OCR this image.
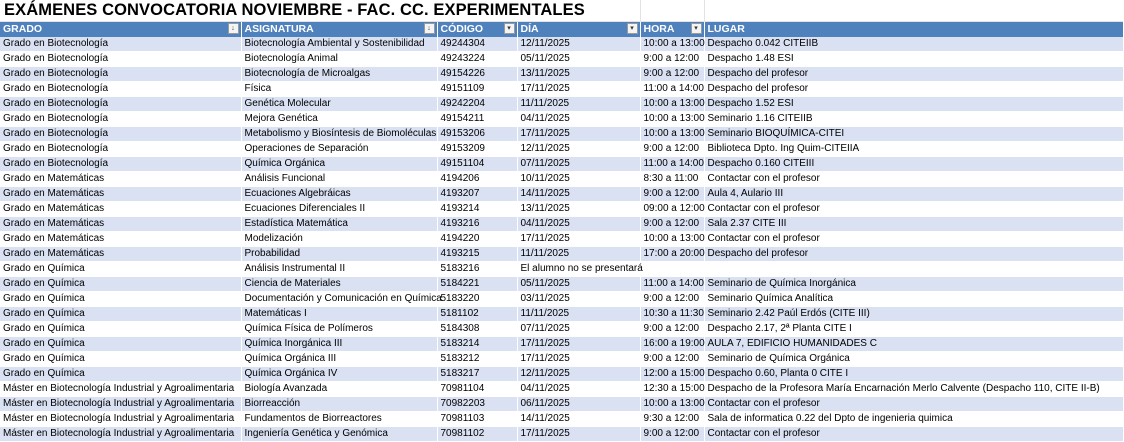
EXÁMENES CONVOCATORIA NOVIEMBRE - FAC. CC. EXPERIMENTALES
GRADO ↓	ASIGNATURA ↓	CÓDIGO ▾	DÍA ▾	HORA ▾	LUGAR
Grado en Biotecnología	Biotecnología Ambiental y Sostenibilidad	49244304	12/11/2025	10:00 a 13:00	Despacho 0.042 CITEIIB
Grado en Biotecnología	Biotecnología Animal	49243224	05/11/2025	9:00 a 12:00	Despacho 1.48 ESI
Grado en Biotecnología	Biotecnología de Microalgas	49154226	13/11/2025	9:00 a 12:00	Despacho del profesor
Grado en Biotecnología	Física	49151109	17/11/2025	11:00 a 14:00	Despacho del profesor
Grado en Biotecnología	Genética Molecular	49242204	11/11/2025	10:00 a 13:00	Despacho 1.52 ESI
Grado en Biotecnología	Mejora Genética	49154211	04/11/2025	10:00 a 13:00	Seminario 1.16 CITEIIB
Grado en Biotecnología	Metabolismo y Biosíntesis de Biomoléculas	49153206	17/11/2025	10:00 a 13:00	Seminario BIOQUÍMICA-CITEI
Grado en Biotecnología	Operaciones de Separación	49153209	12/11/2025	9:00 a 12:00	Biblioteca Dpto. Ing Quim-CITEIIA
Grado en Biotecnología	Química Orgánica	49151104	07/11/2025	11:00 a 14:00	Despacho 0.160 CITEIII
Grado en Matemáticas	Análisis Funcional	4194206	10/11/2025	8:30 a 11:00	Contactar con el profesor
Grado en Matemáticas	Ecuaciones Algebráicas	4193207	14/11/2025	9:00 a 12:00	Aula 4, Aulario III
Grado en Matemáticas	Ecuaciones Diferenciales II	4193214	13/11/2025	09:00 a 12:00	Contactar con el profesor
Grado en Matemáticas	Estadística Matemática	4193216	04/11/2025	9:00 a 12:00	Sala 2.37 CITE III
Grado en Matemáticas	Modelización	4194220	17/11/2025	10:00 a 13:00	Contactar con el profesor
Grado en Matemáticas	Probabilidad	4193215	11/11/2025	17:00 a 20:00	Despacho del profesor
Grado en Química	Análisis Instrumental II	5183216	El alumno no se presentará		
Grado en Química	Ciencia de Materiales	5184221	05/11/2025	11:00 a 14:00	Seminario de Química Inorgánica
Grado en Química	Documentación y Comunicación en Química	5183220	03/11/2025	9:00 a 12:00	Seminario Química Analítica
Grado en Química	Matemáticas I	5181102	11/11/2025	10:30 a 11:30	Seminario 2.42 Paúl Erdós (CITE III)
Grado en Química	Química Física de Polímeros	5184308	07/11/2025	9:00 a 12:00	Despacho 2.17, 2ª Planta CITE I
Grado en Química	Química Inorgánica III	5183214	17/11/2025	16:00 a 19:00	AULA 7, EDIFICIO HUMANIDADES C
Grado en Química	Química Orgánica III	5183212	17/11/2025	9:00 a 12:00	Seminario de Química Orgánica
Grado en Química	Química Orgánica IV	5183217	12/11/2025	12:00 a 15:00	Despacho 0.60, Planta 0 CITE I
Máster en Biotecnología Industrial y Agroalimentaria	Biología Avanzada	70981104	04/11/2025	12:30 a 15:00	Despacho de la Profesora María Encarnación Merlo Calvente (Despacho 110, CITE II-B)
Máster en Biotecnología Industrial y Agroalimentaria	Biorreacción	70982203	06/11/2025	10:00 a 13:00	Contactar con el profesor
Máster en Biotecnología Industrial y Agroalimentaria	Fundamentos de Biorreactores	70981103	14/11/2025	9:30 a 12:00	Sala de informatica 0.22 del Dpto de ingenieria quimica
Máster en Biotecnología Industrial y Agroalimentaria	Ingeniería Genética y Genómica	70981102	17/11/2025	9:00 a 12:00	Contactar con el profesor
